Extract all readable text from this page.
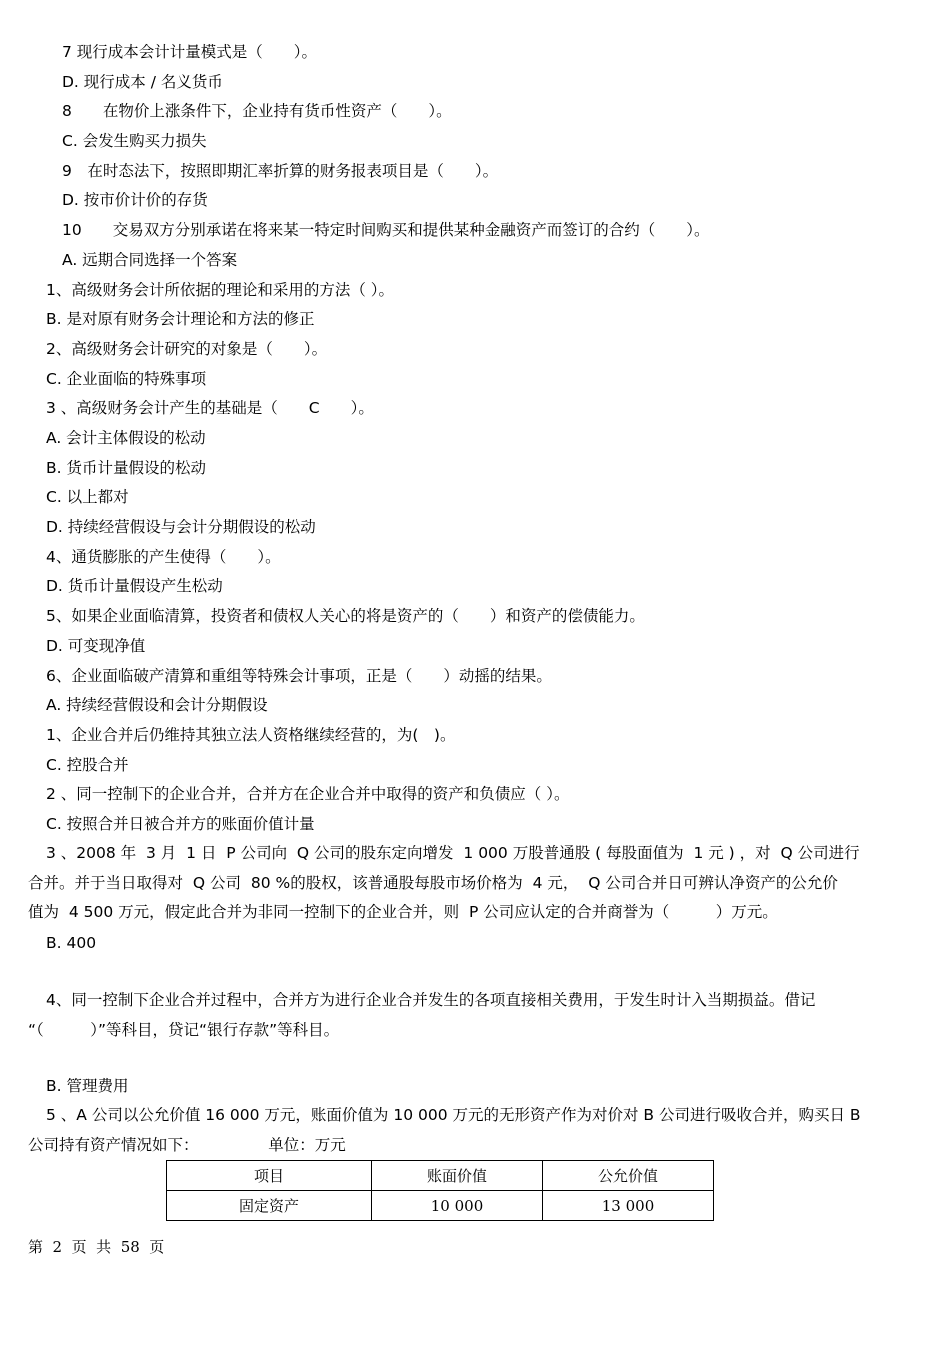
7 现行成本会计计量模式是（　　）。
D. 现行成本 / 名义货币
8　　在物价上涨条件下，企业持有货币性资产（　　）。
C. 会发生购买力损失
9　在时态法下，按照即期汇率折算的财务报表项目是（　　）。
D. 按市价计价的存货
10　　交易双方分别承诺在将来某一特定时间购买和提供某种金融资产而签订的合约（　　）。
A. 远期合同选择一个答案
1、高级财务会计所依据的理论和采用的方法（ ）。
B. 是对原有财务会计理论和方法的修正
2、高级财务会计研究的对象是（　　）。
C. 企业面临的特殊事项
3 、高级财务会计产生的基础是（　　C　　）。
A. 会计主体假设的松动
B. 货币计量假设的松动
C. 以上都对
D. 持续经营假设与会计分期假设的松动
4、通货膨胀的产生使得（　　）。
D. 货币计量假设产生松动
5、如果企业面临清算，投资者和债权人关心的将是资产的（　　）和资产的偿债能力。
D. 可变现净值
6、企业面临破产清算和重组等特殊会计事项，正是（　　）动摇的结果。
A. 持续经营假设和会计分期假设
1、企业合并后仍维持其独立法人资格继续经营的，为(　)。
C. 控股合并
2 、同一控制下的企业合并，合并方在企业合并中取得的资产和负债应（ ）。
C. 按照合并日被合并方的账面价值计量
B. 400
B. 管理费用
3 、2008 年  3 月  1 日  P 公司向  Q 公司的股东定向增发  1 000 万股普通股 ( 每股面值为  1 元 ) ，对  Q 公司进行
合并。并于当日取得对  Q 公司  80 %的股权，该普通股每股市场价格为  4 元，  Q 公司合并日可辨认净资产的公允价
值为  4 500 万元，假定此合并为非同一控制下的企业合并，则  P 公司应认定的合并商誉为（　　　）万元。
4、同一控制下企业合并过程中，合并方为进行企业合并发生的各项直接相关费用，于发生时计入当期损益。借记
“（　　　）”等科目，贷记“银行存款”等科目。
5 、A 公司以公允价值 16 000 万元，账面价值为 10 000 万元的无形资产作为对价对 B 公司进行吸收合并，购买日 B
公司持有资产情况如下：　　　　　单位：万元
项目	账面价值	公允价值
固定资产	10 000	13 000
第  2  页  共  58  页
